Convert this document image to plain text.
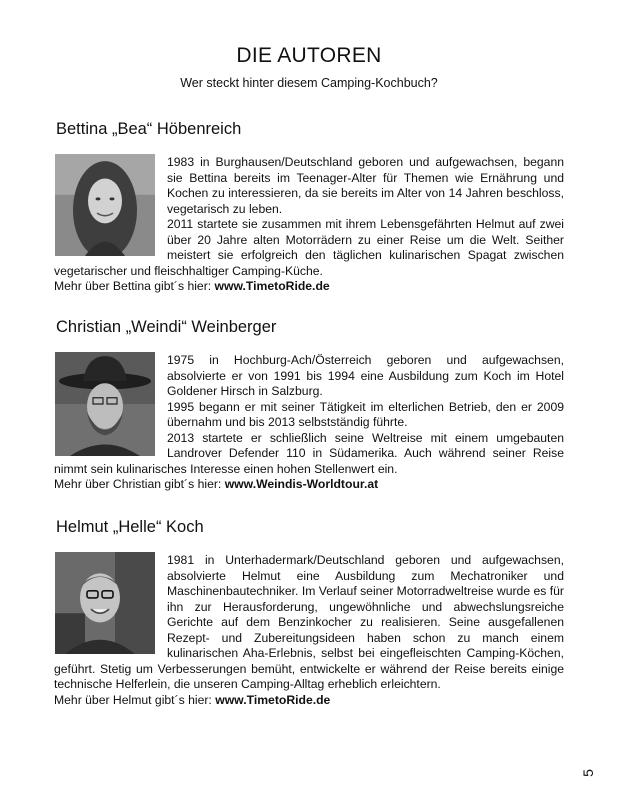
DIE AUTOREN
Wer steckt hinter diesem Camping-Kochbuch?
Bettina „Bea“ Höbenreich

1983 in Burghausen/Deutschland geboren und aufgewachsen, begann sie Bettina bereits im Teenager-Alter für Themen wie Ernährung und Kochen zu interessieren, da sie bereits im Alter von 14 Jahren beschloss, vegetarisch zu leben.

2011 startete sie zusammen mit ihrem Lebensgefährten Helmut auf zwei über 20 Jahre alten Motorrädern zu einer Reise um die Welt. Seither meistert sie erfolgreich den täglichen kulinarischen Spagat zwischen vegetarischer und fleischhaltiger Camping-Küche.

Mehr über Bettina gibt´s hier: www.TimetoRide.de

Christian „Weindi“ Weinberger

1975 in Hochburg-Ach/Österreich geboren und aufgewachsen, absolvierte er von 1991 bis 1994 eine Ausbildung zum Koch im Hotel Goldener Hirsch in Salzburg.

1995 begann er mit seiner Tätigkeit im elterlichen Betrieb, den er 2009 übernahm und bis 2013 selbstständig führte.

2013 startete er schließlich seine Weltreise mit einem umgebauten Landrover Defender 110 in Südamerika. Auch während seiner Reise nimmt sein kulinarisches Interesse einen hohen Stellenwert ein.

Mehr über Christian gibt´s hier: www.Weindis-Worldtour.at

Helmut „Helle“ Koch

1981 in Unterhadermark/Deutschland geboren und aufgewachsen, absolvierte Helmut eine Ausbildung zum Mechatroniker und Maschinenbautechniker. Im Verlauf seiner Motorradweltreise wurde es für ihn zur Herausforderung, ungewöhnliche und abwechslungsreiche Gerichte auf dem Benzinkocher zu realisieren. Seine ausgefallenen Rezept- und Zubereitungsideen haben schon zu manch einem kulinarischen Aha-Erlebnis, selbst bei eingefleischten Camping-Köchen, geführt. Stetig um Verbesserungen bemüht, entwickelte er während der Reise bereits einige technische Helferlein, die unseren Camping-Alltag erheblich erleichtern.

Mehr über Helmut gibt´s hier: www.TimetoRide.de

5
